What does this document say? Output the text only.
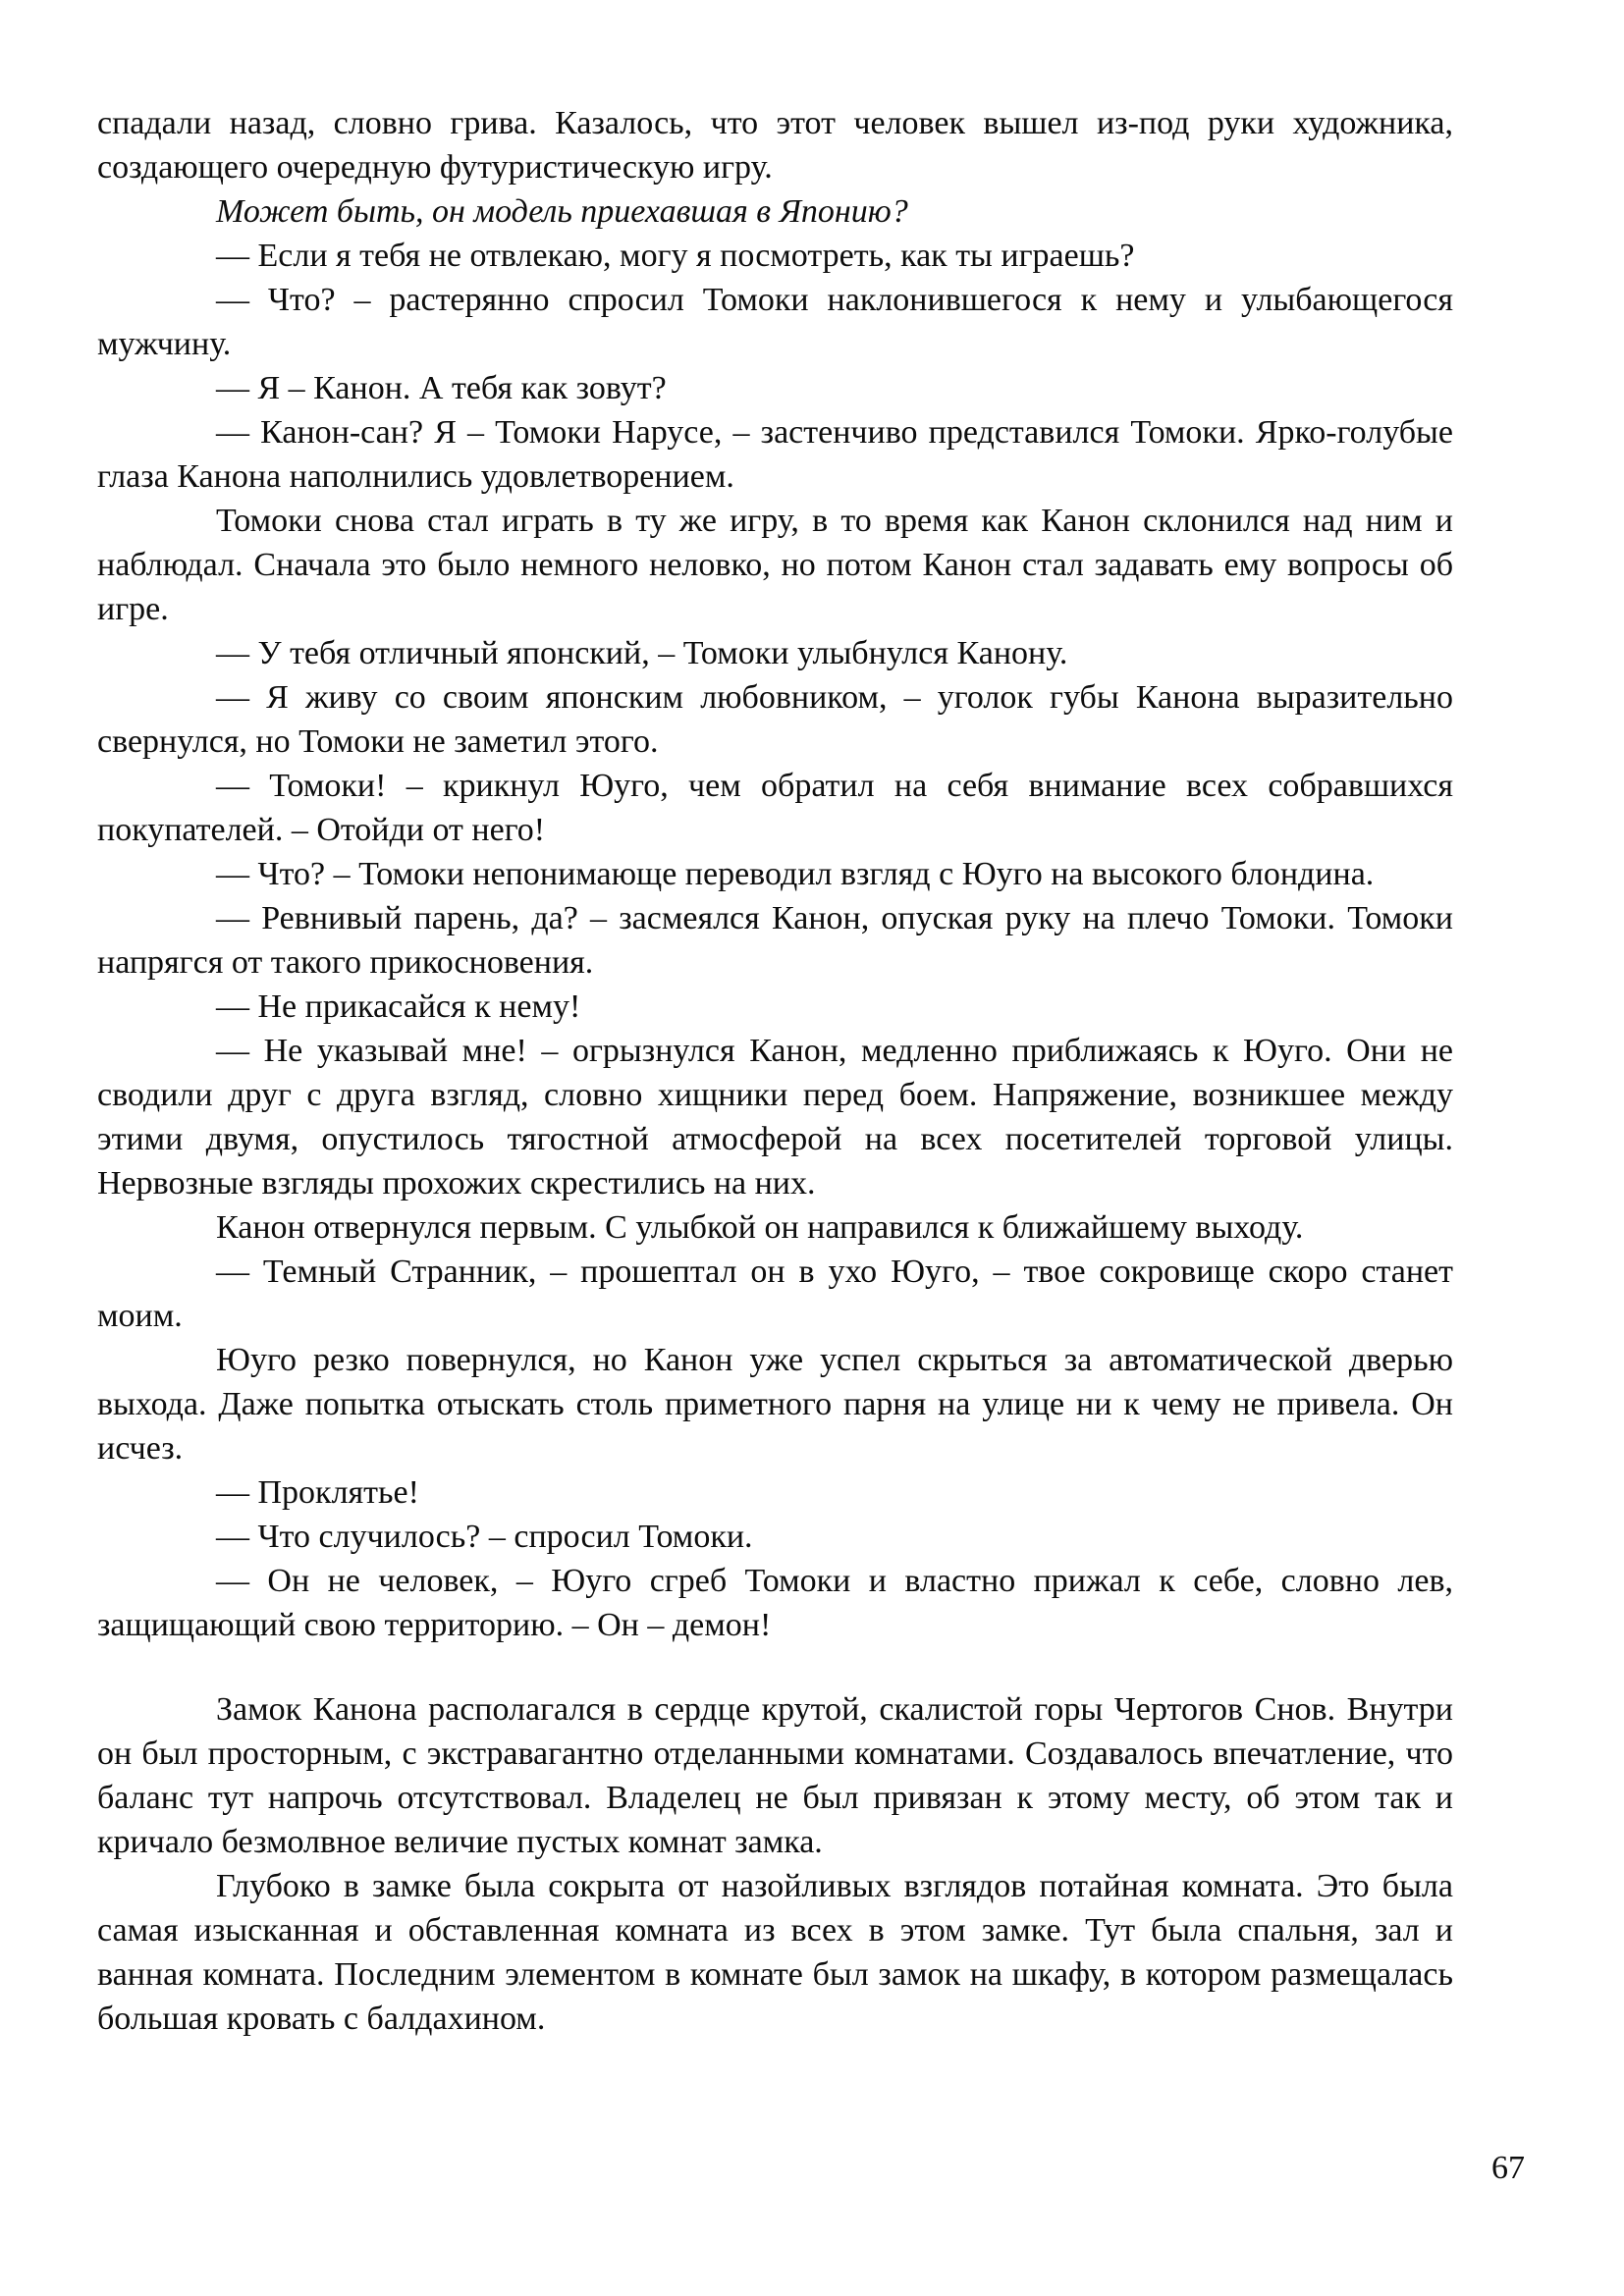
спадали назад, словно грива. Казалось, что этот человек вышел из-под руки художника, создающего очередную футуристическую игру.

Может быть, он модель приехавшая в Японию?

— Если я тебя не отвлекаю, могу я посмотреть, как ты играешь?

— Что? – растерянно спросил Томоки наклонившегося к нему и улыбающегося мужчину.

— Я – Канон. А тебя как зовут?

— Канон-сан? Я – Томоки Нарусе, – застенчиво представился Томоки. Ярко-голубые глаза Канона наполнились удовлетворением.

Томоки снова стал играть в ту же игру, в то время как Канон склонился над ним и наблюдал. Сначала это было немного неловко, но потом Канон стал задавать ему вопросы об игре.

— У тебя отличный японский, – Томоки улыбнулся Канону.

— Я живу со своим японским любовником, – уголок губы Канона выразительно свернулся, но Томоки не заметил этого.

— Томоки! – крикнул Юуго, чем обратил на себя внимание всех собравшихся покупателей. – Отойди от него!

— Что? – Томоки непонимающе переводил взгляд с Юуго на высокого блондина.

— Ревнивый парень, да? – засмеялся Канон, опуская руку на плечо Томоки. Томоки напрягся от такого прикосновения.

— Не прикасайся к нему!

— Не указывай мне! – огрызнулся Канон, медленно приближаясь к Юуго. Они не сводили друг с друга взгляд, словно хищники перед боем. Напряжение, возникшее между этими двумя, опустилось тягостной атмосферой на всех посетителей торговой улицы. Нервозные взгляды прохожих скрестились на них.

Канон отвернулся первым. С улыбкой он направился к ближайшему выходу.

— Темный Странник, – прошептал он в ухо Юуго, – твое сокровище скоро станет моим.

Юуго резко повернулся, но Канон уже успел скрыться за автоматической дверью выхода. Даже попытка отыскать столь приметного парня на улице ни к чему не привела. Он исчез.

— Проклятье!

— Что случилось? – спросил Томоки.

— Он не человек, – Юуго сгреб Томоки и властно прижал к себе, словно лев, защищающий свою территорию. – Он – демон!

Замок Канона располагался в сердце крутой, скалистой горы Чертогов Снов. Внутри он был просторным, с экстравагантно отделанными комнатами. Создавалось впечатление, что баланс тут напрочь отсутствовал. Владелец не был привязан к этому месту, об этом так и кричало безмолвное величие пустых комнат замка.

Глубоко в замке была сокрыта от назойливых взглядов потайная комната. Это была самая изысканная и обставленная комната из всех в этом замке. Тут была спальня, зал и ванная комната. Последним элементом в комнате был замок на шкафу, в котором размещалась большая кровать с балдахином.

67
